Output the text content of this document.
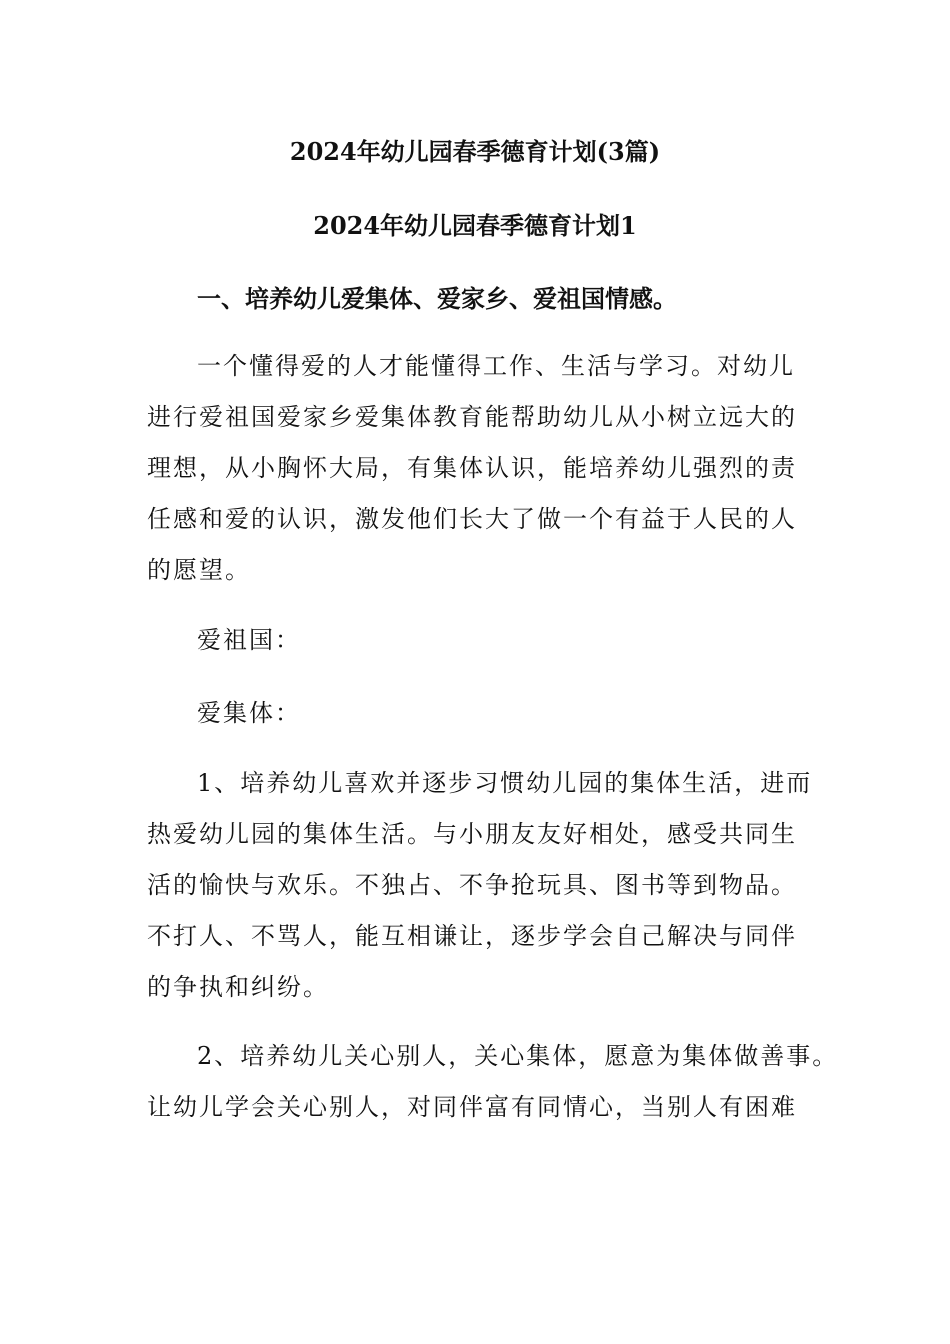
2024年幼儿园春季德育计划(3篇)
2024年幼儿园春季德育计划1
一、培养幼儿爱集体、爱家乡、爱祖国情感。
一个懂得爱的人才能懂得工作、生活与学习。对幼儿
进行爱祖国爱家乡爱集体教育能帮助幼儿从小树立远大的
理想，从小胸怀大局，有集体认识，能培养幼儿强烈的责
任感和爱的认识，激发他们长大了做一个有益于人民的人
的愿望。
爱祖国：
爱集体：
1、培养幼儿喜欢并逐步习惯幼儿园的集体生活，进而
热爱幼儿园的集体生活。与小朋友友好相处，感受共同生
活的愉快与欢乐。不独占、不争抢玩具、图书等到物品。
不打人、不骂人，能互相谦让，逐步学会自己解决与同伴
的争执和纠纷。
2、培养幼儿关心别人，关心集体，愿意为集体做善事。
让幼儿学会关心别人，对同伴富有同情心，当别人有困难
